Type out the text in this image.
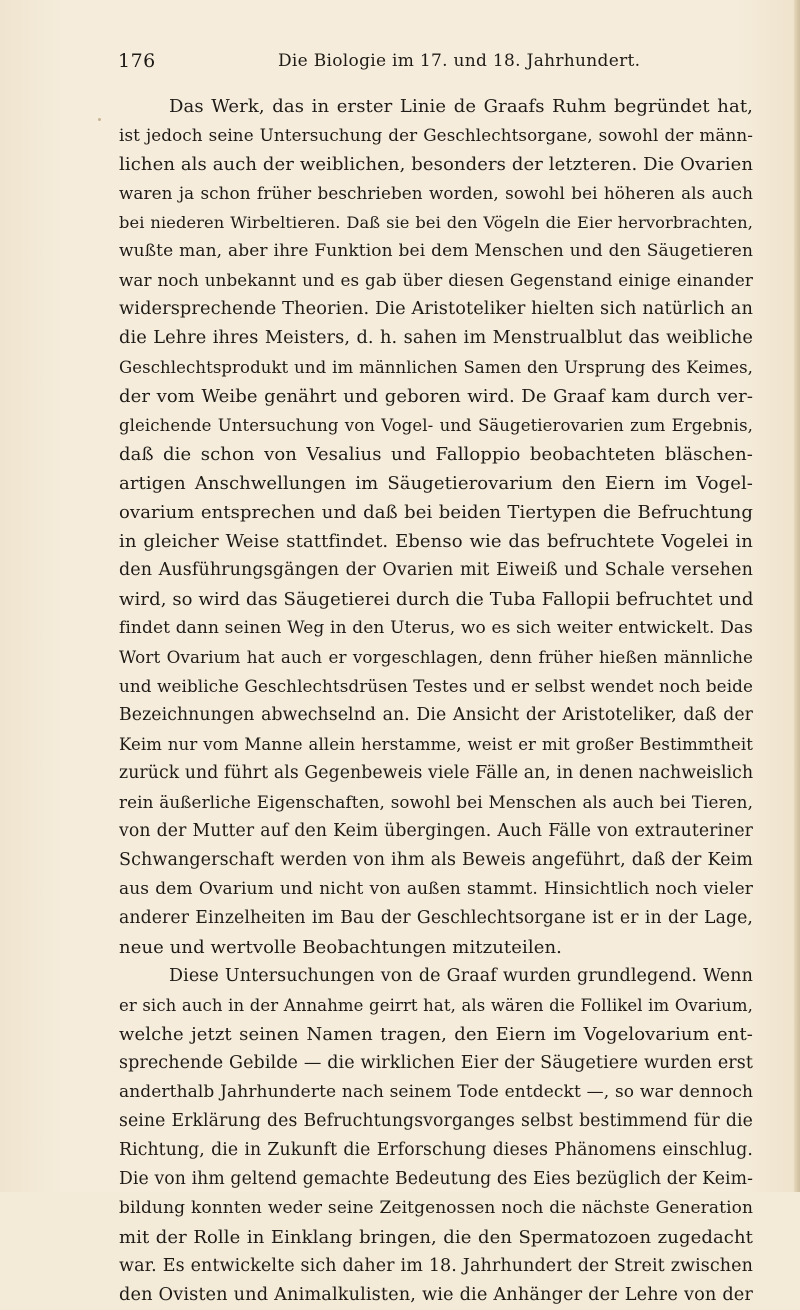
176	Die Biologie im 17. und 18. Jahrhundert.
Das Werk, das in erster Linie de Graafs Ruhm begründet hat,
ist jedoch seine Untersuchung der Geschlechtsorgane, sowohl der männ-
lichen als auch der weiblichen, besonders der letzteren. Die Ovarien
waren ja schon früher beschrieben worden, sowohl bei höheren als auch
bei niederen Wirbeltieren. Daß sie bei den Vögeln die Eier hervorbrachten,
wußte man, aber ihre Funktion bei dem Menschen und den Säugetieren
war noch unbekannt und es gab über diesen Gegenstand einige einander
widersprechende Theorien. Die Aristoteliker hielten sich natürlich an
die Lehre ihres Meisters, d. h. sahen im Menstrualblut das weibliche
Geschlechtsprodukt und im männlichen Samen den Ursprung des Keimes,
der vom Weibe genährt und geboren wird. De Graaf kam durch ver-
gleichende Untersuchung von Vogel- und Säugetierovarien zum Ergebnis,
daß die schon von Vesalius und Falloppio beobachteten bläschen-
artigen Anschwellungen im Säugetierovarium den Eiern im Vogel-
ovarium entsprechen und daß bei beiden Tiertypen die Befruchtung
in gleicher Weise stattfindet. Ebenso wie das befruchtete Vogelei in
den Ausführungsgängen der Ovarien mit Eiweiß und Schale versehen
wird, so wird das Säugetierei durch die Tuba Fallopii befruchtet und
findet dann seinen Weg in den Uterus, wo es sich weiter entwickelt. Das
Wort Ovarium hat auch er vorgeschlagen, denn früher hießen männliche
und weibliche Geschlechtsdrüsen Testes und er selbst wendet noch beide
Bezeichnungen abwechselnd an. Die Ansicht der Aristoteliker, daß der
Keim nur vom Manne allein herstamme, weist er mit großer Bestimmtheit
zurück und führt als Gegenbeweis viele Fälle an, in denen nachweislich
rein äußerliche Eigenschaften, sowohl bei Menschen als auch bei Tieren,
von der Mutter auf den Keim übergingen. Auch Fälle von extrauteriner
Schwangerschaft werden von ihm als Beweis angeführt, daß der Keim
aus dem Ovarium und nicht von außen stammt. Hinsichtlich noch vieler
anderer Einzelheiten im Bau der Geschlechtsorgane ist er in der Lage,
neue und wertvolle Beobachtungen mitzuteilen.
Diese Untersuchungen von de Graaf wurden grundlegend. Wenn
er sich auch in der Annahme geirrt hat, als wären die Follikel im Ovarium,
welche jetzt seinen Namen tragen, den Eiern im Vogelovarium ent-
sprechende Gebilde — die wirklichen Eier der Säugetiere wurden erst
anderthalb Jahrhunderte nach seinem Tode entdeckt —, so war dennoch
seine Erklärung des Befruchtungsvorganges selbst bestimmend für die
Richtung, die in Zukunft die Erforschung dieses Phänomens einschlug.
Die von ihm geltend gemachte Bedeutung des Eies bezüglich der Keim-
bildung konnten weder seine Zeitgenossen noch die nächste Generation
mit der Rolle in Einklang bringen, die den Spermatozoen zugedacht
war. Es entwickelte sich daher im 18. Jahrhundert der Streit zwischen
den Ovisten und Animalkulisten, wie die Anhänger der Lehre von der
